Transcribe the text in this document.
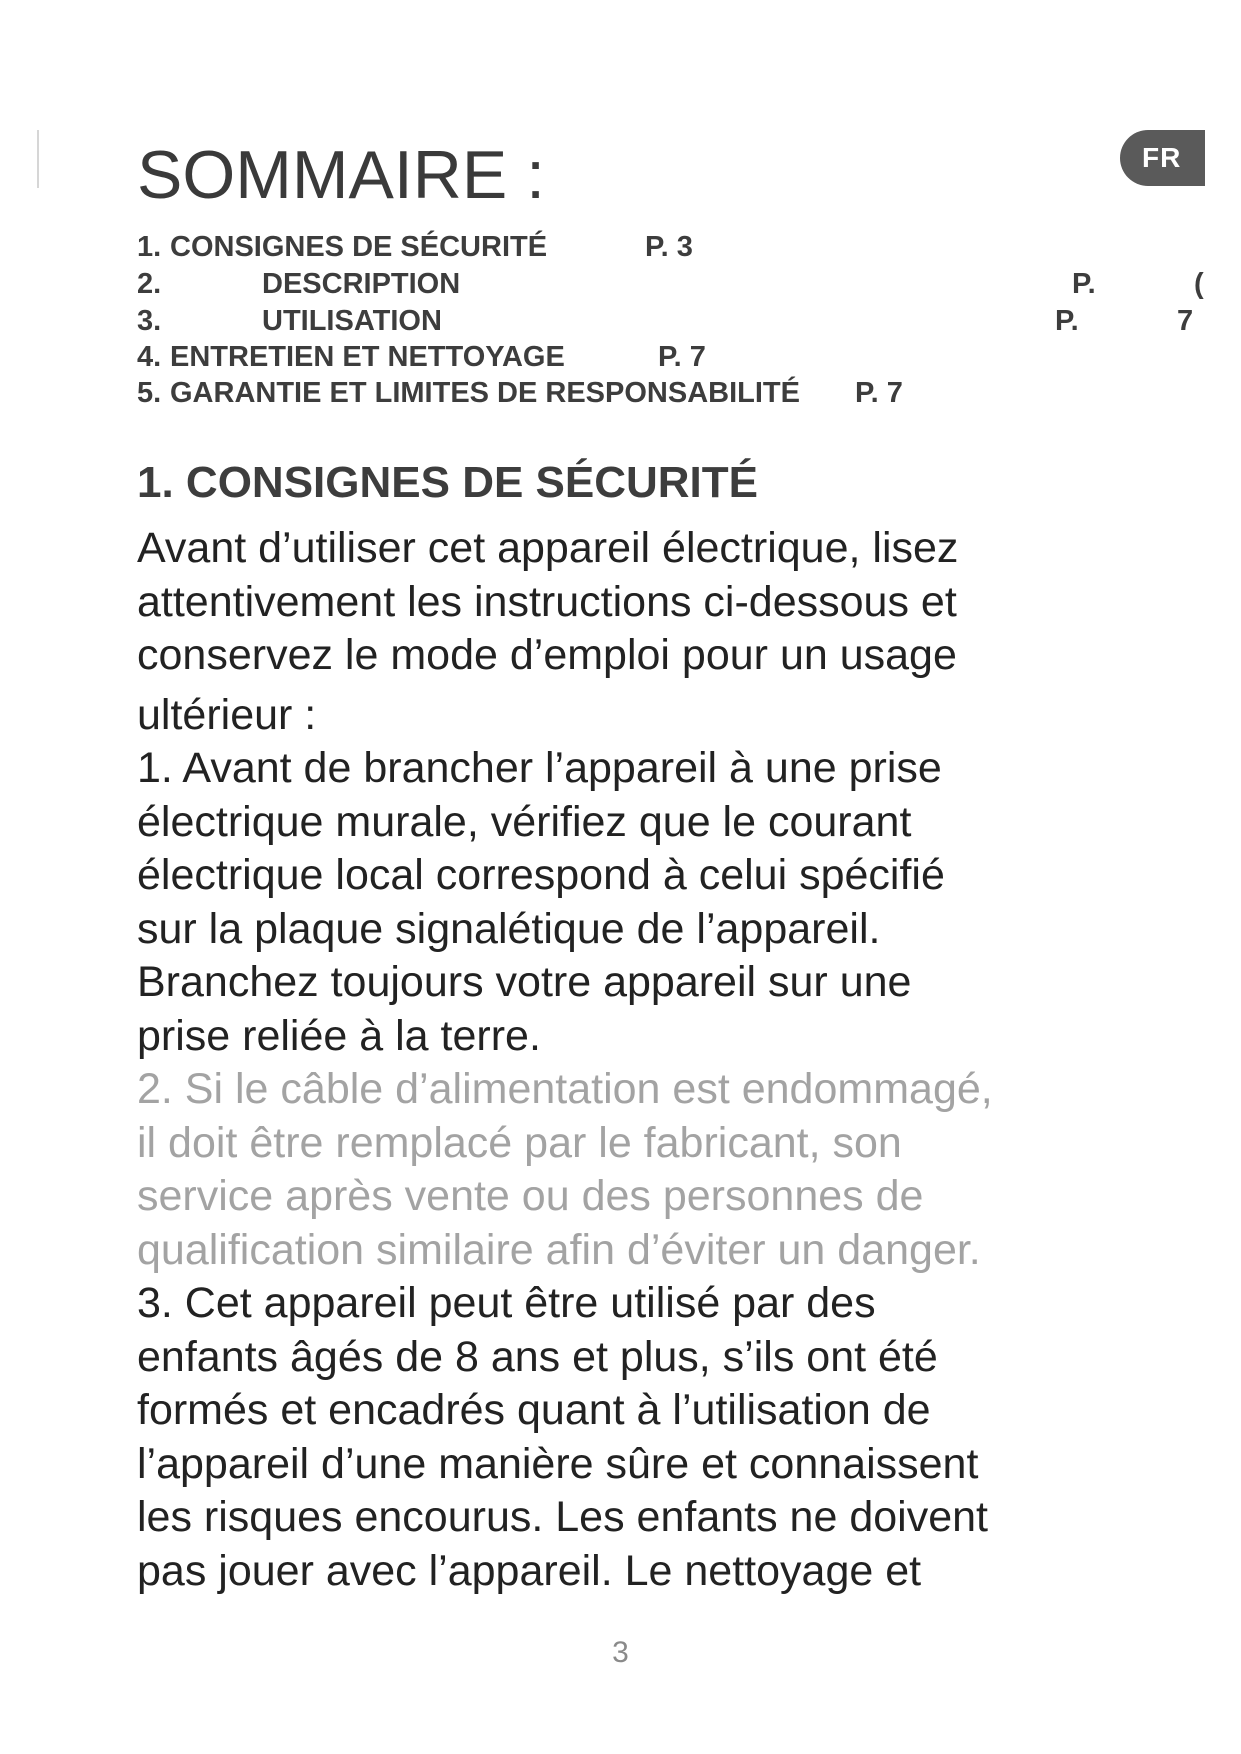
FR
SOMMAIRE :
1. CONSIGNES DE SÉCURITÉ	P. 3
2.	DESCRIPTION	P.	(
3.	UTILISATION	P.	7
4. ENTRETIEN ET NETTOYAGE	P. 7
5. GARANTIE ET LIMITES DE RESPONSABILITÉ P. 7
1. CONSIGNES DE SÉCURITÉ
Avant d’utiliser cet appareil électrique, lisez
attentivement les instructions ci-dessous et
conservez le mode d’emploi pour un usage
ultérieur :
1. Avant de brancher l’appareil à une prise
électrique murale, vérifiez que le courant
électrique local correspond à celui spécifié
sur la plaque signalétique de l’appareil.
Branchez toujours votre appareil sur une
prise reliée à la terre.
2. Si le câble d’alimentation est endommagé,
il doit être remplacé par le fabricant, son
service après vente ou des personnes de
qualification similaire afin d’éviter un danger.
3. Cet appareil peut être utilisé par des
enfants âgés de 8 ans et plus, s’ils ont été
formés et encadrés quant à l’utilisation de
l’appareil d’une manière sûre et connaissent
les risques encourus. Les enfants ne doivent
pas jouer avec l’appareil. Le nettoyage et

3
